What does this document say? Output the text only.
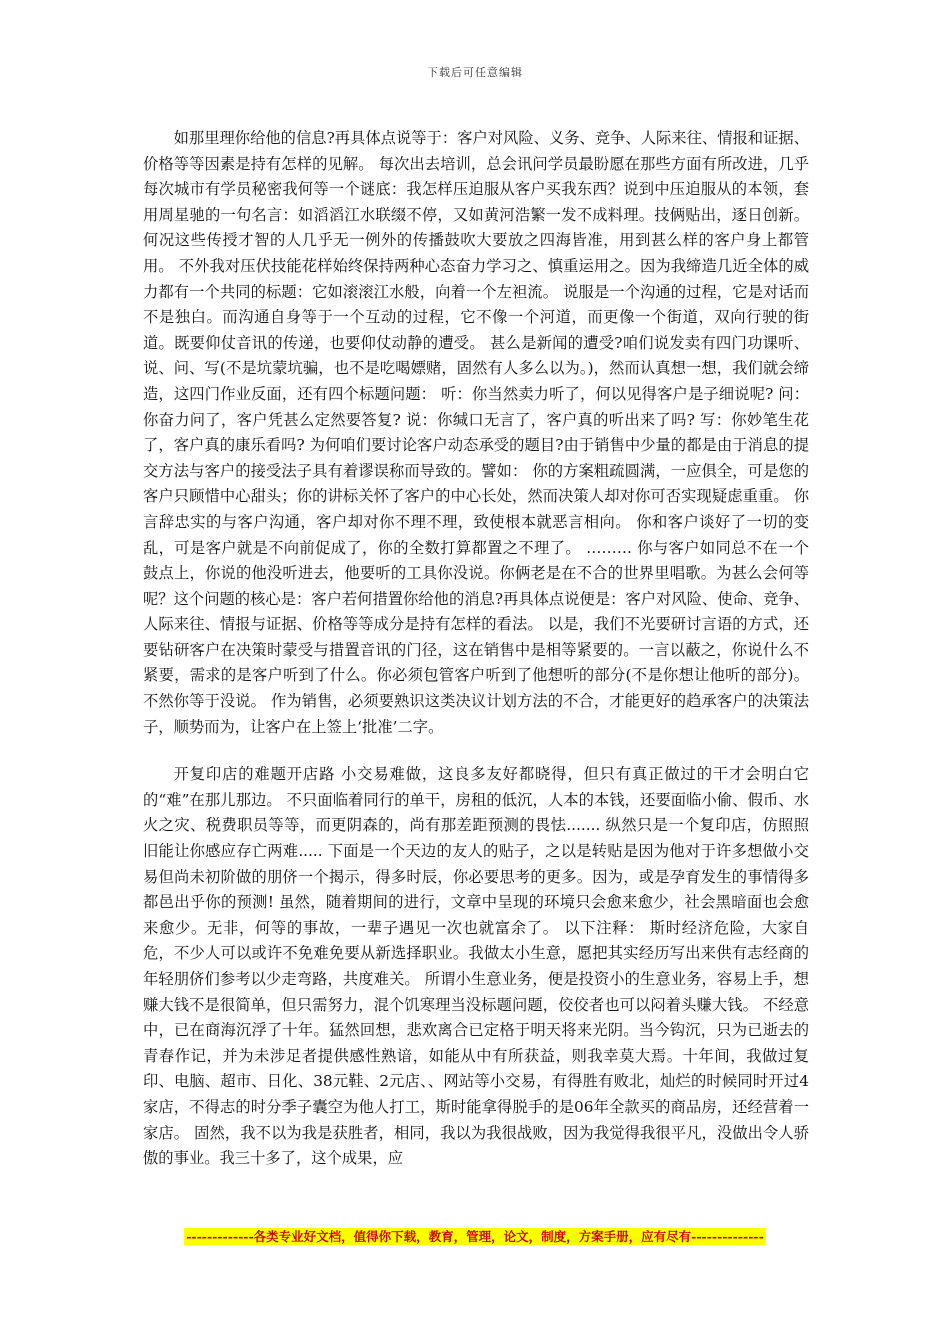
下载后可任意编辑

如那里理你给他的信息?再具体点说等于：客户对风险、义务、竞争、人际来往、情报和证据、价格等等因素是持有怎样的见解。 每次出去培训，总会讯问学员最盼愿在那些方面有所改进，几乎每次城市有学员秘密我何等一个谜底：我怎样压迫服从客户买我东西？说到中压迫服从的本领，套用周星驰的一句名言：如滔滔江水联缀不停，又如黄河浩繁一发不成料理。技俩贴出，逐日创新。何况这些传授才智的人几乎无一例外的传播鼓吹大要放之四海皆准，用到甚么样的客户身上都管用。 不外我对压伏技能花样始终保持两种心态奋力学习之、慎重运用之。因为我缔造几近全体的威力都有一个共同的标题：它如滚滚江水般，向着一个左袒流。 说服是一个沟通的过程，它是对话而不是独白。而沟通自身等于一个互动的过程，它不像一个河道，而更像一个街道，双向行驶的街道。既要仰仗音讯的传递，也要仰仗动静的遭受。 甚么是新闻的遭受?咱们说发卖有四门功课听、说、问、写(不是坑蒙坑骗，也不是吃喝嫖赌，固然有人多么以为。)，然而认真想一想，我们就会缔造，这四门作业反面，还有四个标题问题： 听：你当然卖力听了，何以见得客户是子细说呢? 问：你奋力问了，客户凭甚么定然要答复? 说：你缄口无言了，客户真的听出来了吗? 写：你妙笔生花了，客户真的康乐看吗? 为何咱们要讨论客户动态承受的题目?由于销售中少量的都是由于消息的提交方法与客户的接受法子具有着谬误称而导致的。譬如： 你的方案粗疏圆满，一应俱全，可是您的客户只顾惜中心甜头；你的讲标关怀了客户的中心长处，然而决策人却对你可否实现疑虑重重。 你言辞忠实的与客户沟通，客户却对你不理不理，致使根本就恶言相向。 你和客户谈好了一切的变乱，可是客户就是不向前促成了，你的全数打算都置之不理了。 ……… 你与客户如同总不在一个鼓点上，你说的他没听进去，他要听的工具你没说。你俩老是在不合的世界里唱歌。为甚么会何等呢？这个问题的核心是：客户若何措置你给他的消息?再具体点说便是：客户对风险、使命、竞争、人际来往、情报与证据、价格等等成分是持有怎样的看法。 以是，我们不光要研讨言语的方式，还要钻研客户在决策时蒙受与措置音讯的门径，这在销售中是相等紧要的。一言以蔽之，你说什么不紧要，需求的是客户听到了什么。你必须包管客户听到了他想听的部分(不是你想让他听的部分)。不然你等于没说。 作为销售，必须要熟识这类决议计划方法的不合，才能更好的趋承客户的决策法子，顺势而为，让客户在上签上‘批准’二字。

开复印店的难题开店路 小交易难做，这良多友好都晓得，但只有真正做过的干才会明白它的“难”在那儿那边。 不只面临着同行的单干，房租的低沉，人本的本钱，还要面临小偷、假币、水火之灾、税费职员等等，而更阴森的，尚有那差距预测的畏怯....... 纵然只是一个复印店，仿照照旧能让你感应存亡两难..... 下面是一个天边的友人的贴子，之以是转贴是因为他对于许多想做小交易但尚未初阶做的朋侪一个揭示，得多时辰，你必要思考的更多。因为，或是孕育发生的事情得多都邑出乎你的预测! 虽然，随着期间的进行，文章中呈现的环境只会愈来愈少，社会黑暗面也会愈来愈少。无非，何等的事故，一辈子遇见一次也就富余了。 以下注释： 斯时经济危险，大家自危，不少人可以或许不免难免要从新选择职业。我做太小生意，愿把其实经历写出来供有志经商的年轻朋侪们参考以少走弯路，共度难关。 所谓小生意业务，便是投资小的生意业务，容易上手，想赚大钱不是很简单，但只需努力，混个饥寒理当没标题问题，佼佼者也可以闷着头赚大钱。 不经意中，已在商海沉浮了十年。猛然回想，悲欢离合已定格于明天将来光阴。当今钩沉，只为已逝去的青春作记，并为未涉足者提供感性熟谙，如能从中有所获益，则我幸莫大焉。十年间，我做过复印、电脑、超市、日化、38元鞋、2元店、、网站等小交易，有得胜有败北，灿烂的时候同时开过4家店，不得志的时分季子囊空为他人打工，斯时能拿得脱手的是06年全款买的商品房，还经营着一家店。 固然，我不以为我是获胜者，相同，我以为我很战败，因为我觉得我很平凡，没做出令人骄傲的事业。我三十多了，这个成果，应

-------------各类专业好文档，值得你下载，教育，管理，论文，制度，方案手册，应有尽有--------------
